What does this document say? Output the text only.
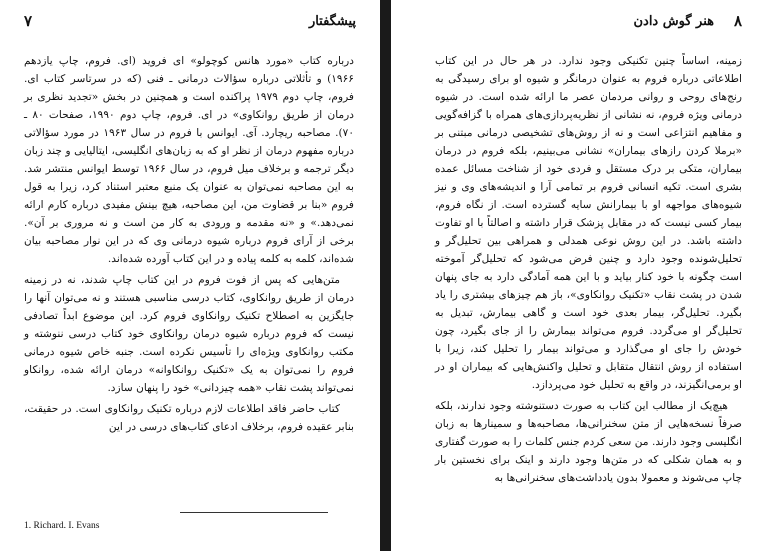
۷	پیشگفتار

درباره کتاب «مورد هانس کوچولو» ای فروید (ای. فروم، چاپ یازدهم ۱۹۶۶) و تأثلاتی درباره سؤالات درمانی ـ فنی (که در سرتاسر کتاب ای. فروم، چاپ دوم ۱۹۷۹ پراکنده است و همچنین در بخش «تجدید نظری بر درمان از طریق روانکاوی» در ای. فروم، چاپ دوم ۱۹۹۰، صفحات ۸۰ ـ ۷۰). مصاحبه ریچارد. آی. ایوانس با فروم در سال ۱۹۶۳ در مورد سؤالاتی درباره مفهوم درمان از نظر او که به زبان‌های انگلیسی، ایتالیایی و چند زبان دیگر ترجمه و برخلاف میل فروم، در سال ۱۹۶۶ توسط ایوانس منتشر شد. به این مصاحبه نمی‌توان به عنوان یک منبع معتبر استناد کرد، زیرا به قول فروم «بنا بر قضاوت من، این مصاحبه، هیچ بینش مفیدی درباره کارم ارائه نمی‌دهد.» و «نه مقدمه و ورودی به کار من است و نه مروری بر آن». برخی از آرای فروم درباره شیوه درمانی وی که در این نوار مصاحبه بیان شده‌اند، کلمه به کلمه پیاده و در این کتاب آورده شده‌اند.

متن‌هایی که پس از فوت فروم در این کتاب چاپ شدند، نه در زمینه درمان از طریق روانکاوی، کتاب درسی مناسبی هستند و نه می‌توان آنها را جایگزین به اصطلاح تکنیک روانکاوی فروم کرد. این موضوع ابداً تصادفی نیست که فروم درباره شیوه درمان روانکاوی خود کتاب درسی ننوشته و مکتب روانکاوی ویژه‌ای را تأسیس نکرده است. جنبه خاص شیوه درمانی فروم را نمی‌توان به یک «تکنیک روانکاوانه» درمان ارائه شده، روانکاو نمی‌تواند پشت نقاب «همه چیزدانی» خود را پنهان سازد.

کتاب حاضر فاقد اطلاعات لازم درباره تکنیک روانکاوی است. در حقیقت، بنابر عقیده فروم، برخلاف ادعای کتاب‌های درسی در این

1. Richard. I. Evans
۸
هنر گوش دادن

زمینه، اساساً چنین تکنیکی وجود ندارد. در هر حال در این کتاب اطلاعاتی درباره فروم به عنوان درمانگر و شیوه او برای رسیدگی به رنج‌های روحی و روانی مردمان عصر ما ارائه شده است. در شیوه درمانی ویژه فروم، نه نشانی از نظریه‌پردازی‌های همراه با گزافه‌گویی و مفاهیم انتزاعی است و نه از روش‌های تشخیصی درمانی مبتنی بر «برملا کردن رازهای بیماران» نشانی می‌بینیم، بلکه فروم در درمان بیماران، متکی بر درک مستقل و فردی خود از شناخت مسائل عمده بشری است. تکیه انسانی فروم بر تمامی آرا و اندیشه‌های وی و نیز شیوه‌های مواجهه او با بیمارانش سایه گسترده است. از نگاه فروم، بیمار کسی نیست که در مقابل پزشک قرار داشته و اصالتاً با او تفاوت داشته باشد. در این روش نوعی همدلی و همراهی بین تحلیل‌گر و تحلیل‌شونده وجود دارد و چنین فرض می‌شود که تحلیل‌گر آموخته است چگونه با خود کنار بیاید و با این همه آمادگی دارد به جای پنهان شدن در پشت نقاب «تکنیک روانکاوی»، باز هم چیزهای بیشتری را یاد بگیرد. تحلیل‌گر، بیمار بعدی خود است و گاهی بیمارش، تبدیل به تحلیل‌گر او می‌گردد. فروم می‌تواند بیمارش را از جای بگیرد، چون خودش را جای او می‌گذارد و می‌تواند بیمار را تحلیل کند، زیرا با استفاده از روش انتقال متقابل و تحلیل واکنش‌هایی که بیماران او در او برمی‌انگیزند، در واقع به تحلیل خود می‌پردازد.

هیچ‌یک از مطالب این کتاب به صورت دستنوشته وجود ندارند، بلکه صرفاً نسخه‌هایی از متن سخنرانی‌ها، مصاحبه‌ها و سمینارها به زبان انگلیسی وجود دارند. من سعی کردم جنس کلمات را به صورت گفتاری و به همان شکلی که در متن‌ها وجود دارند و اینک برای نخستین بار چاپ می‌شوند و معمولا بدون یادداشت‌های سخنرانی‌ها به
